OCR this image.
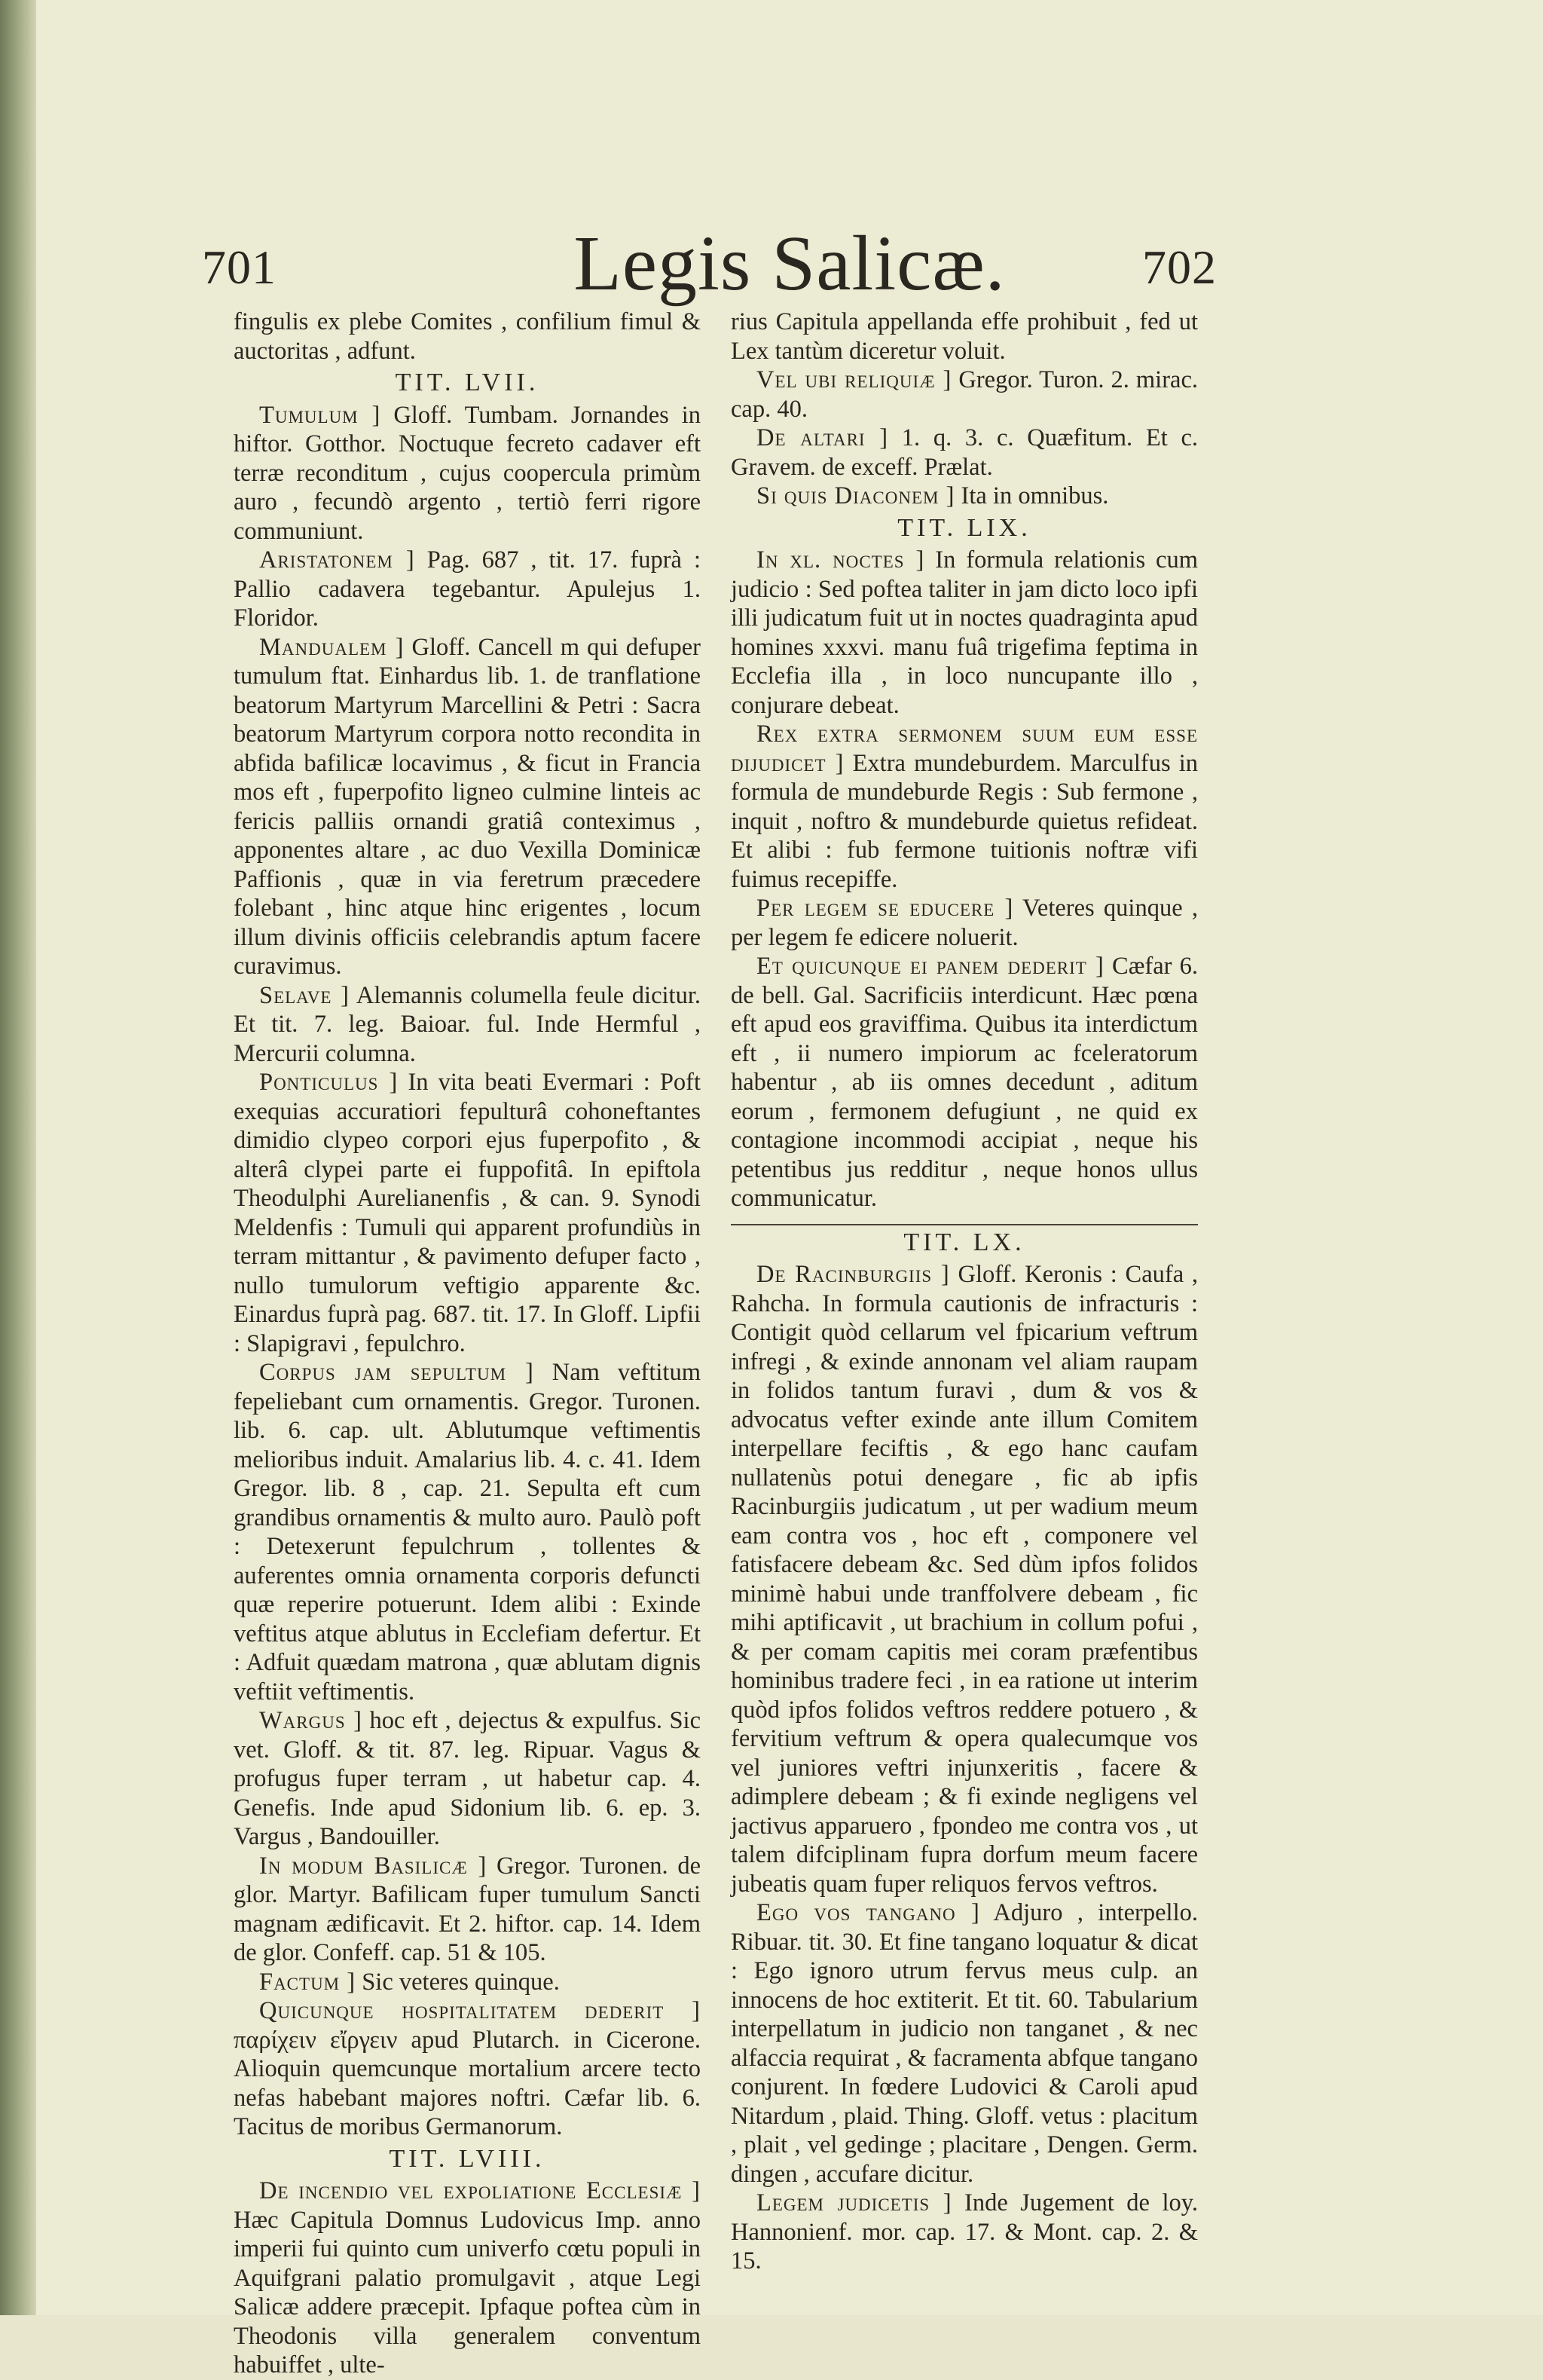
701	Legis Salicæ.	702

fingulis ex plebe Comites , confilium fimul & auctoritas , adfunt.

TIT. LVII.

Tumulum ] Gloff. Tumbam. Jornandes in hiftor. Gotthor. Noctuque fecreto cadaver eft terræ reconditum , cujus coopercula primùm auro , fecundò argento , tertiò ferri rigore communiunt.

Aristatonem ] Pag. 687 , tit. 17. fuprà : Pallio cadavera tegebantur. Apulejus 1. Floridor.

Mandualem ] Gloff. Cancell m qui defuper tumulum ftat. Einhardus lib. 1. de tranflatione beatorum Martyrum Marcellini & Petri : Sacra beatorum Martyrum corpora notto recondita in abfida bafilicæ locavimus , & ficut in Francia mos eft , fuperpofito ligneo culmine linteis ac fericis palliis ornandi gratiâ conteximus , apponentes altare , ac duo Vexilla Dominicæ Paffionis , quæ in via feretrum præcedere folebant , hinc atque hinc erigentes , locum illum divinis officiis celebrandis aptum facere curavimus.

Selave ] Alemannis columella feule dicitur. Et tit. 7. leg. Baioar. ful. Inde Hermful , Mercurii columna.

Ponticulus ] In vita beati Evermari : Poft exequias accuratiori fepulturâ cohoneftantes dimidio clypeo corpori ejus fuperpofito , & alterâ clypei parte ei fuppofitâ. In epiftola Theodulphi Aurelianenfis , & can. 9. Synodi Meldenfis : Tumuli qui apparent profundiùs in terram mittantur , & pavimento defuper facto , nullo tumulorum veftigio apparente &c. Einardus fuprà pag. 687. tit. 17. In Gloff. Lipfii : Slapigravi , fepulchro.

Corpus jam sepultum ] Nam veftitum fepeliebant cum ornamentis. Gregor. Turonen. lib. 6. cap. ult. Ablutumque veftimentis melioribus induit. Amalarius lib. 4. c. 41. Idem Gregor. lib. 8 , cap. 21. Sepulta eft cum grandibus ornamentis & multo auro. Paulò poft : Detexerunt fepulchrum , tollentes & auferentes omnia ornamenta corporis defuncti quæ reperire potuerunt. Idem alibi : Exinde veftitus atque ablutus in Ecclefiam defertur. Et : Adfuit quædam matrona , quæ ablutam dignis veftiit veftimentis.

Wargus ] hoc eft , dejectus & expulfus. Sic vet. Gloff. & tit. 87. leg. Ripuar. Vagus & profugus fuper terram , ut habetur cap. 4. Genefis. Inde apud Sidonium lib. 6. ep. 3. Vargus , Bandouiller.

In modum Basilicæ ] Gregor. Turonen. de glor. Martyr. Bafilicam fuper tumulum Sancti magnam ædificavit. Et 2. hiftor. cap. 14. Idem de glor. Confeff. cap. 51 & 105.

Factum ] Sic veteres quinque.

Quicunque hospitalitatem dederit ] παρίχειν εἴργειν apud Plutarch. in Cicerone. Alioquin quemcunque mortalium arcere tecto nefas habebant majores noftri. Cæfar lib. 6. Tacitus de moribus Germanorum.

TIT. LVIII.

De incendio vel expoliatione Ecclesiæ ] Hæc Capitula Domnus Ludovicus Imp. anno imperii fui quinto cum univerfo cœtu populi in Aquifgrani palatio promulgavit , atque Legi Salicæ addere præcepit. Ipfaque poftea cùm in Theodonis villa generalem conventum habuiffet , ulte-

rius Capitula appellanda effe prohibuit , fed ut Lex tantùm diceretur voluit.

Vel ubi reliquiæ ] Gregor. Turon. 2. mirac. cap. 40.

De altari ] 1. q. 3. c. Quæfitum. Et c. Gravem. de exceff. Prælat.

Si quis Diaconem ] Ita in omnibus.

TIT. LIX.

In xl. noctes ] In formula relationis cum judicio : Sed poftea taliter in jam dicto loco ipfi illi judicatum fuit ut in noctes quadraginta apud homines xxxvi. manu fuâ trigefima feptima in Ecclefia illa , in loco nuncupante illo , conjurare debeat.

Rex extra sermonem suum eum esse dijudicet ] Extra mundeburdem. Marculfus in formula de mundeburde Regis : Sub fermone , inquit , noftro & mundeburde quietus refideat. Et alibi : fub fermone tuitionis noftræ vifi fuimus recepiffe.

Per legem se educere ] Veteres quinque , per legem fe edicere noluerit.

Et quicunque ei panem dederit ] Cæfar 6. de bell. Gal. Sacrificiis interdicunt. Hæc pœna eft apud eos graviffima. Quibus ita interdictum eft , ii numero impiorum ac fceleratorum habentur , ab iis omnes decedunt , aditum eorum , fermonem defugiunt , ne quid ex contagione incommodi accipiat , neque his petentibus jus redditur , neque honos ullus communicatur.

TIT. LX.

De Racinburgiis ] Gloff. Keronis : Caufa , Rahcha. In formula cautionis de infracturis : Contigit quòd cellarum vel fpicarium veftrum infregi , & exinde annonam vel aliam raupam in folidos tantum furavi , dum & vos & advocatus vefter exinde ante illum Comitem interpellare feciftis , & ego hanc caufam nullatenùs potui denegare , fic ab ipfis Racinburgiis judicatum , ut per wadium meum eam contra vos , hoc eft , componere vel fatisfacere debeam &c. Sed dùm ipfos folidos minimè habui unde tranffolvere debeam , fic mihi aptificavit , ut brachium in collum pofui , & per comam capitis mei coram præfentibus hominibus tradere feci , in ea ratione ut interim quòd ipfos folidos veftros reddere potuero , & fervitium veftrum & opera qualecumque vos vel juniores veftri injunxeritis , facere & adimplere debeam ; & fi exinde negligens vel jactivus apparuero , fpondeo me contra vos , ut talem difciplinam fupra dorfum meum facere jubeatis quam fuper reliquos fervos veftros.

Ego vos tangano ] Adjuro , interpello. Ribuar. tit. 30. Et fine tangano loquatur & dicat : Ego ignoro utrum fervus meus culp. an innocens de hoc extiterit. Et tit. 60. Tabularium interpellatum in judicio non tanganet , & nec alfaccia requirat , & facramenta abfque tangano conjurent. In fœdere Ludovici & Caroli apud Nitardum , plaid. Thing. Gloff. vetus : placitum , plait , vel gedinge ; placitare , Dengen. Germ. dingen , accufare dicitur.

Legem judicetis ] Inde Jugement de loy. Hannonienf. mor. cap. 17. & Mont. cap. 2. & 15.
